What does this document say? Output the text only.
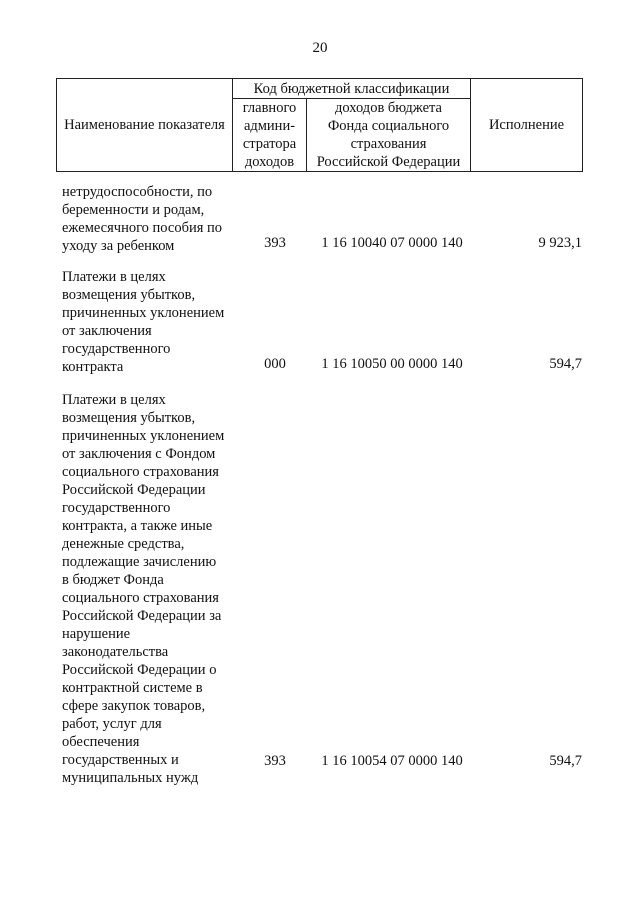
20
Наименование показателя	Код бюджетной классификации		Исполнение
	главного
админи-
стратора
доходов	доходов бюджета
Фонда социального
страхования
Российской Федерации	
нетрудоспособности, по
беременности и родам,
ежемесячного пособия по
уходу за ребенком	393	1 16 10040 07 0000 140	9 923,1
Платежи в целях
возмещения убытков,
причиненных уклонением
от заключения
государственного
контракта	000	1 16 10050 00 0000 140	594,7
Платежи в целях
возмещения убытков,
причиненных уклонением
от заключения с Фондом
социального страхования
Российской Федерации
государственного
контракта, а также иные
денежные средства,
подлежащие зачислению
в бюджет Фонда
социального страхования
Российской Федерации за
нарушение
законодательства
Российской Федерации о
контрактной системе в
сфере закупок товаров,
работ, услуг для
обеспечения
государственных и
муниципальных нужд
393	1 16 10054 07 0000 140	594,7
